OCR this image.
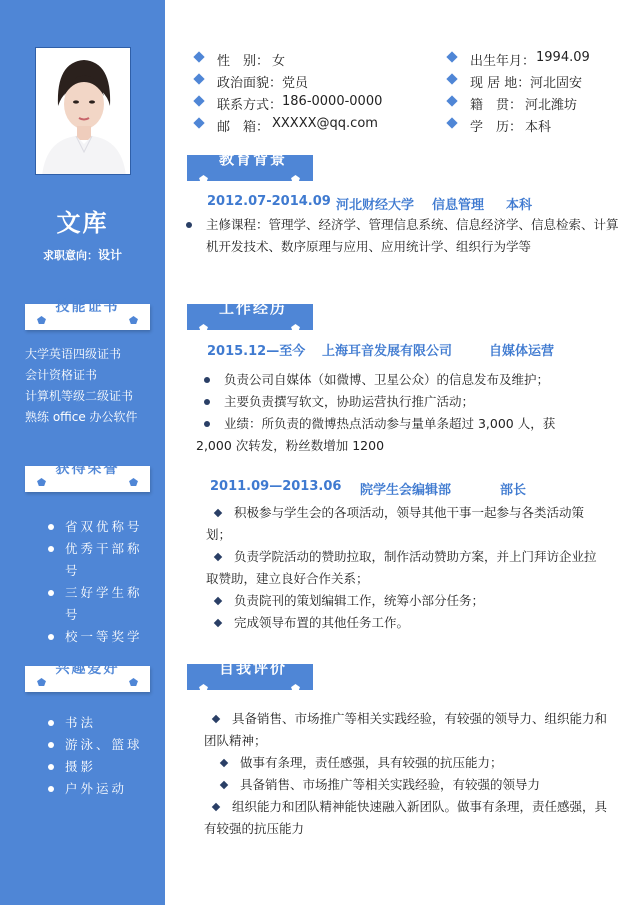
文库
求职意向：设计
技能证书
大学英语四级证书
会计资格证书
计算机等级二级证书
熟练 office 办公软件
获得荣誉
省双优称号
优秀干部称号
三好学生称号
校一等奖学
兴趣爱好
书法
游泳、篮球
摄影
户外运动
性　别： 女
政治面貌： 党员
联系方式： 186-0000-0000
邮　箱： XXXXX@qq.com
出生年月： 1994.09
现 居 地： 河北固安
籍　贯： 河北潍坊
学　历： 本科
教育背景
2012.07-2014.09 河北财经大学 信息管理 本科
主修课程：管理学、经济学、管理信息系统、信息经济学、信息检索、计算机开发技术、数序原理与应用、应用统计学、组织行为学等
工作经历
2015.12—至今 上海耳音发展有限公司	自媒体运营
负责公司自媒体（如微博、卫星公众）的信息发布及维护；
主要负责撰写软文，协助运营执行推广活动；
业绩：所负责的微博热点活动参与量单条超过 3,000 人，获 2,000 次转发，粉丝数增加 1200
2011.09—2013.06 院学生会编辑部	部长
积极参与学生会的各项活动，领导其他干事一起参与各类活动策划；
负责学院活动的赞助拉取，制作活动赞助方案，并上门拜访企业拉取赞助，建立良好合作关系；
负责院刊的策划编辑工作，统筹小部分任务；
完成领导布置的其他任务工作。
自我评价
具备销售、市场推广等相关实践经验，有较强的领导力、组织能力和团队精神；
做事有条理，责任感强，具有较强的抗压能力；
具备销售、市场推广等相关实践经验，有较强的领导力
组织能力和团队精神能快速融入新团队。做事有条理，责任感强，具有较强的抗压能力
